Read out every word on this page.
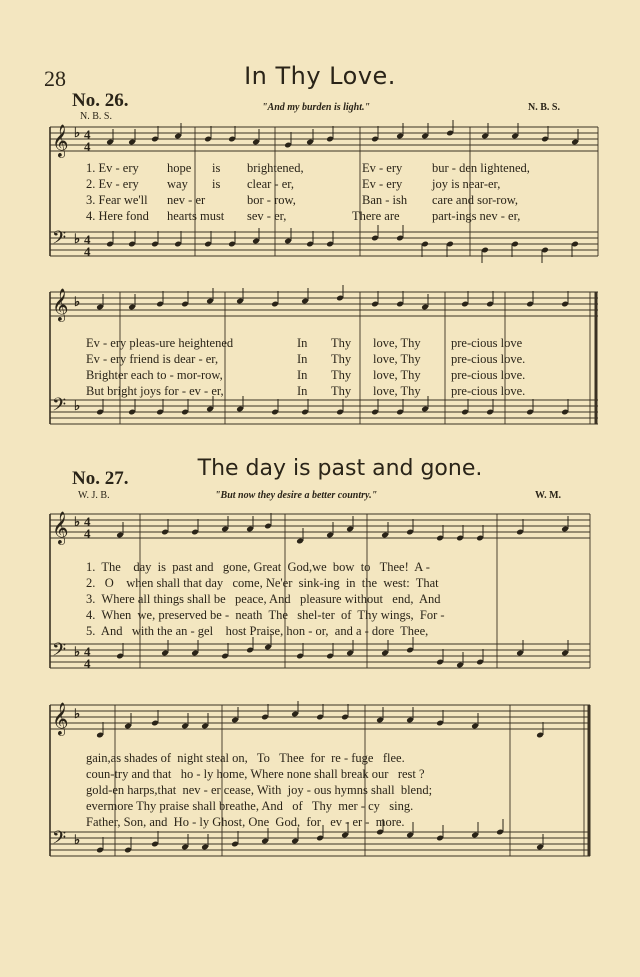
28	In Thy Love.
No. 26.
N. B. S.
"And my burden is light."	N. B. S.
The day is past and gone.
No. 27.
W. J. B.	"But now they desire a better country."	W. M.
𝄞
𝄢
𝄞
𝄢
𝄞
𝄢
𝄞
𝄢
♭ 4
4
♭ 4
4
♭
♭
♭ 4
4
♭ 4
4
♭
♭
1. Ev - ery hope is brightened,	Ev - ery bur - den lightened,
2. Ev - ery way is clear - er,	Ev - ery joy is near-er,
3. Fear we'll nev - er	bor - row,	Ban - ish care and sor-row,
4. Here fond hearts must sev - er,	There are	part-ings nev - er,
Ev - ery pleas-ure heightened	In Thy love, Thy pre-cious love
Ev - ery friend is dear - er,	In Thy love, Thy pre-cious love.
Brighter each to - mor-row,	In Thy love, Thy pre-cious love.
But bright joys for - ev - er,	In Thy love, Thy pre-cious love.
1.  The    day  is  past and   gone, Great  God,we  bow  to   Thee!  A -
2.   O    when shall that day   come, Ne'er  sink-ing  in  the  west:  That
3.  Where all things shall be   peace, And   pleasure without   end,  And
4.  When  we, preserved be -  neath  The   shel-ter  of  Thy wings,  For -
5.  And   with the an - gel    host Praise, hon - or,  and a - dore  Thee,
gain,as shades of  night steal on,   To   Thee  for  re - fuge   flee.
coun-try and that   ho - ly home, Where none shall break our   rest ?
gold-en harps,that  nev - er cease, With  joy - ous hymns shall  blend;
evermore Thy praise shall breathe, And   of   Thy  mer - cy   sing.
Father, Son, and  Ho - ly Ghost, One  God,  for   ev - er -  more.
